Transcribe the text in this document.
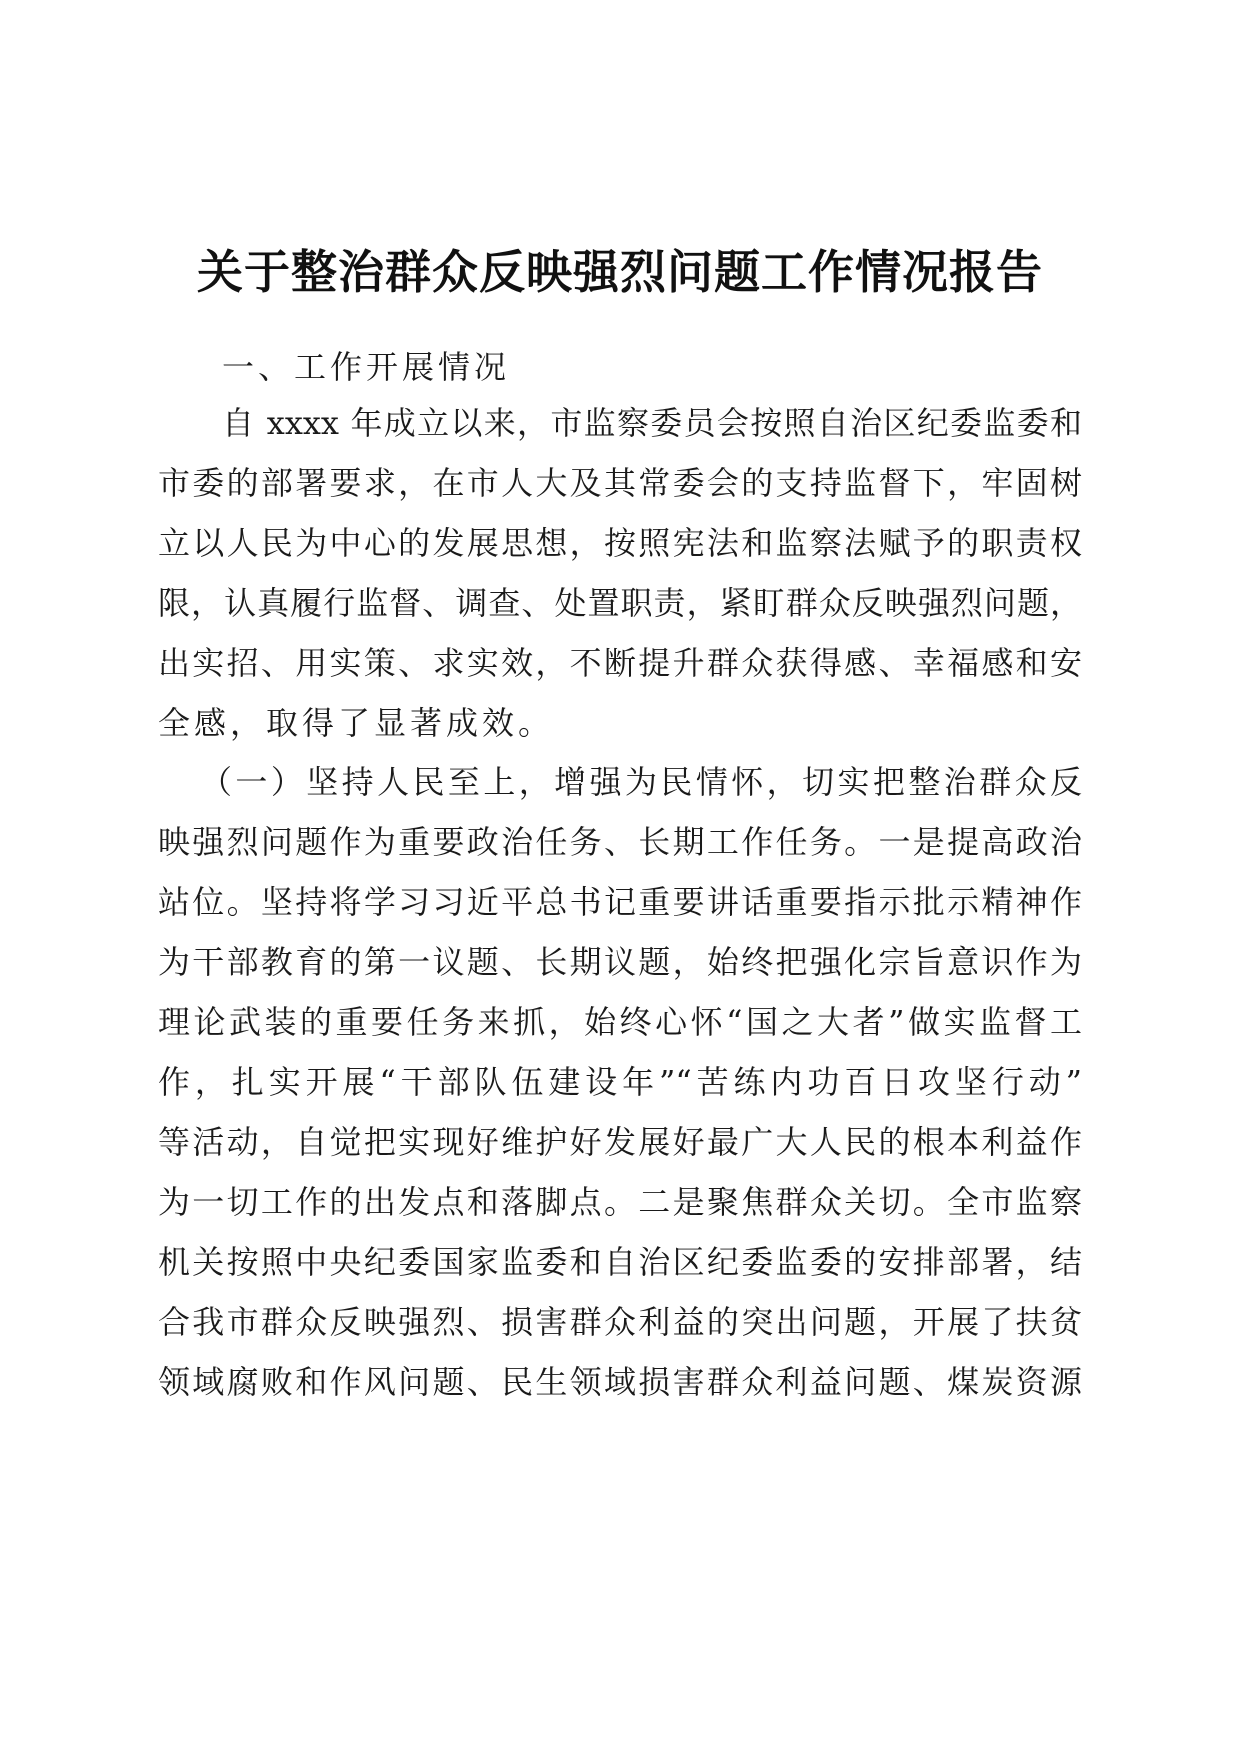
关于整治群众反映强烈问题工作情况报告
一、工作开展情况
自 xxxx 年成立以来，市监察委员会按照自治区纪委监委和
市委的部署要求，在市人大及其常委会的支持监督下，牢固树
立以人民为中心的发展思想，按照宪法和监察法赋予的职责权
限，认真履行监督、调查、处置职责，紧盯群众反映强烈问题，
出实招、用实策、求实效，不断提升群众获得感、幸福感和安
全感，取得了显著成效。
（一）坚持人民至上，增强为民情怀，切实把整治群众反
映强烈问题作为重要政治任务、长期工作任务。一是提高政治
站位。坚持将学习习近平总书记重要讲话重要指示批示精神作
为干部教育的第一议题、长期议题，始终把强化宗旨意识作为
理论武装的重要任务来抓，始终心怀“国之大者”做实监督工
作，扎实开展“干部队伍建设年”“苦练内功百日攻坚行动”
等活动，自觉把实现好维护好发展好最广大人民的根本利益作
为一切工作的出发点和落脚点。二是聚焦群众关切。全市监察
机关按照中央纪委国家监委和自治区纪委监委的安排部署，结
合我市群众反映强烈、损害群众利益的突出问题，开展了扶贫
领域腐败和作风问题、民生领域损害群众利益问题、煤炭资源
